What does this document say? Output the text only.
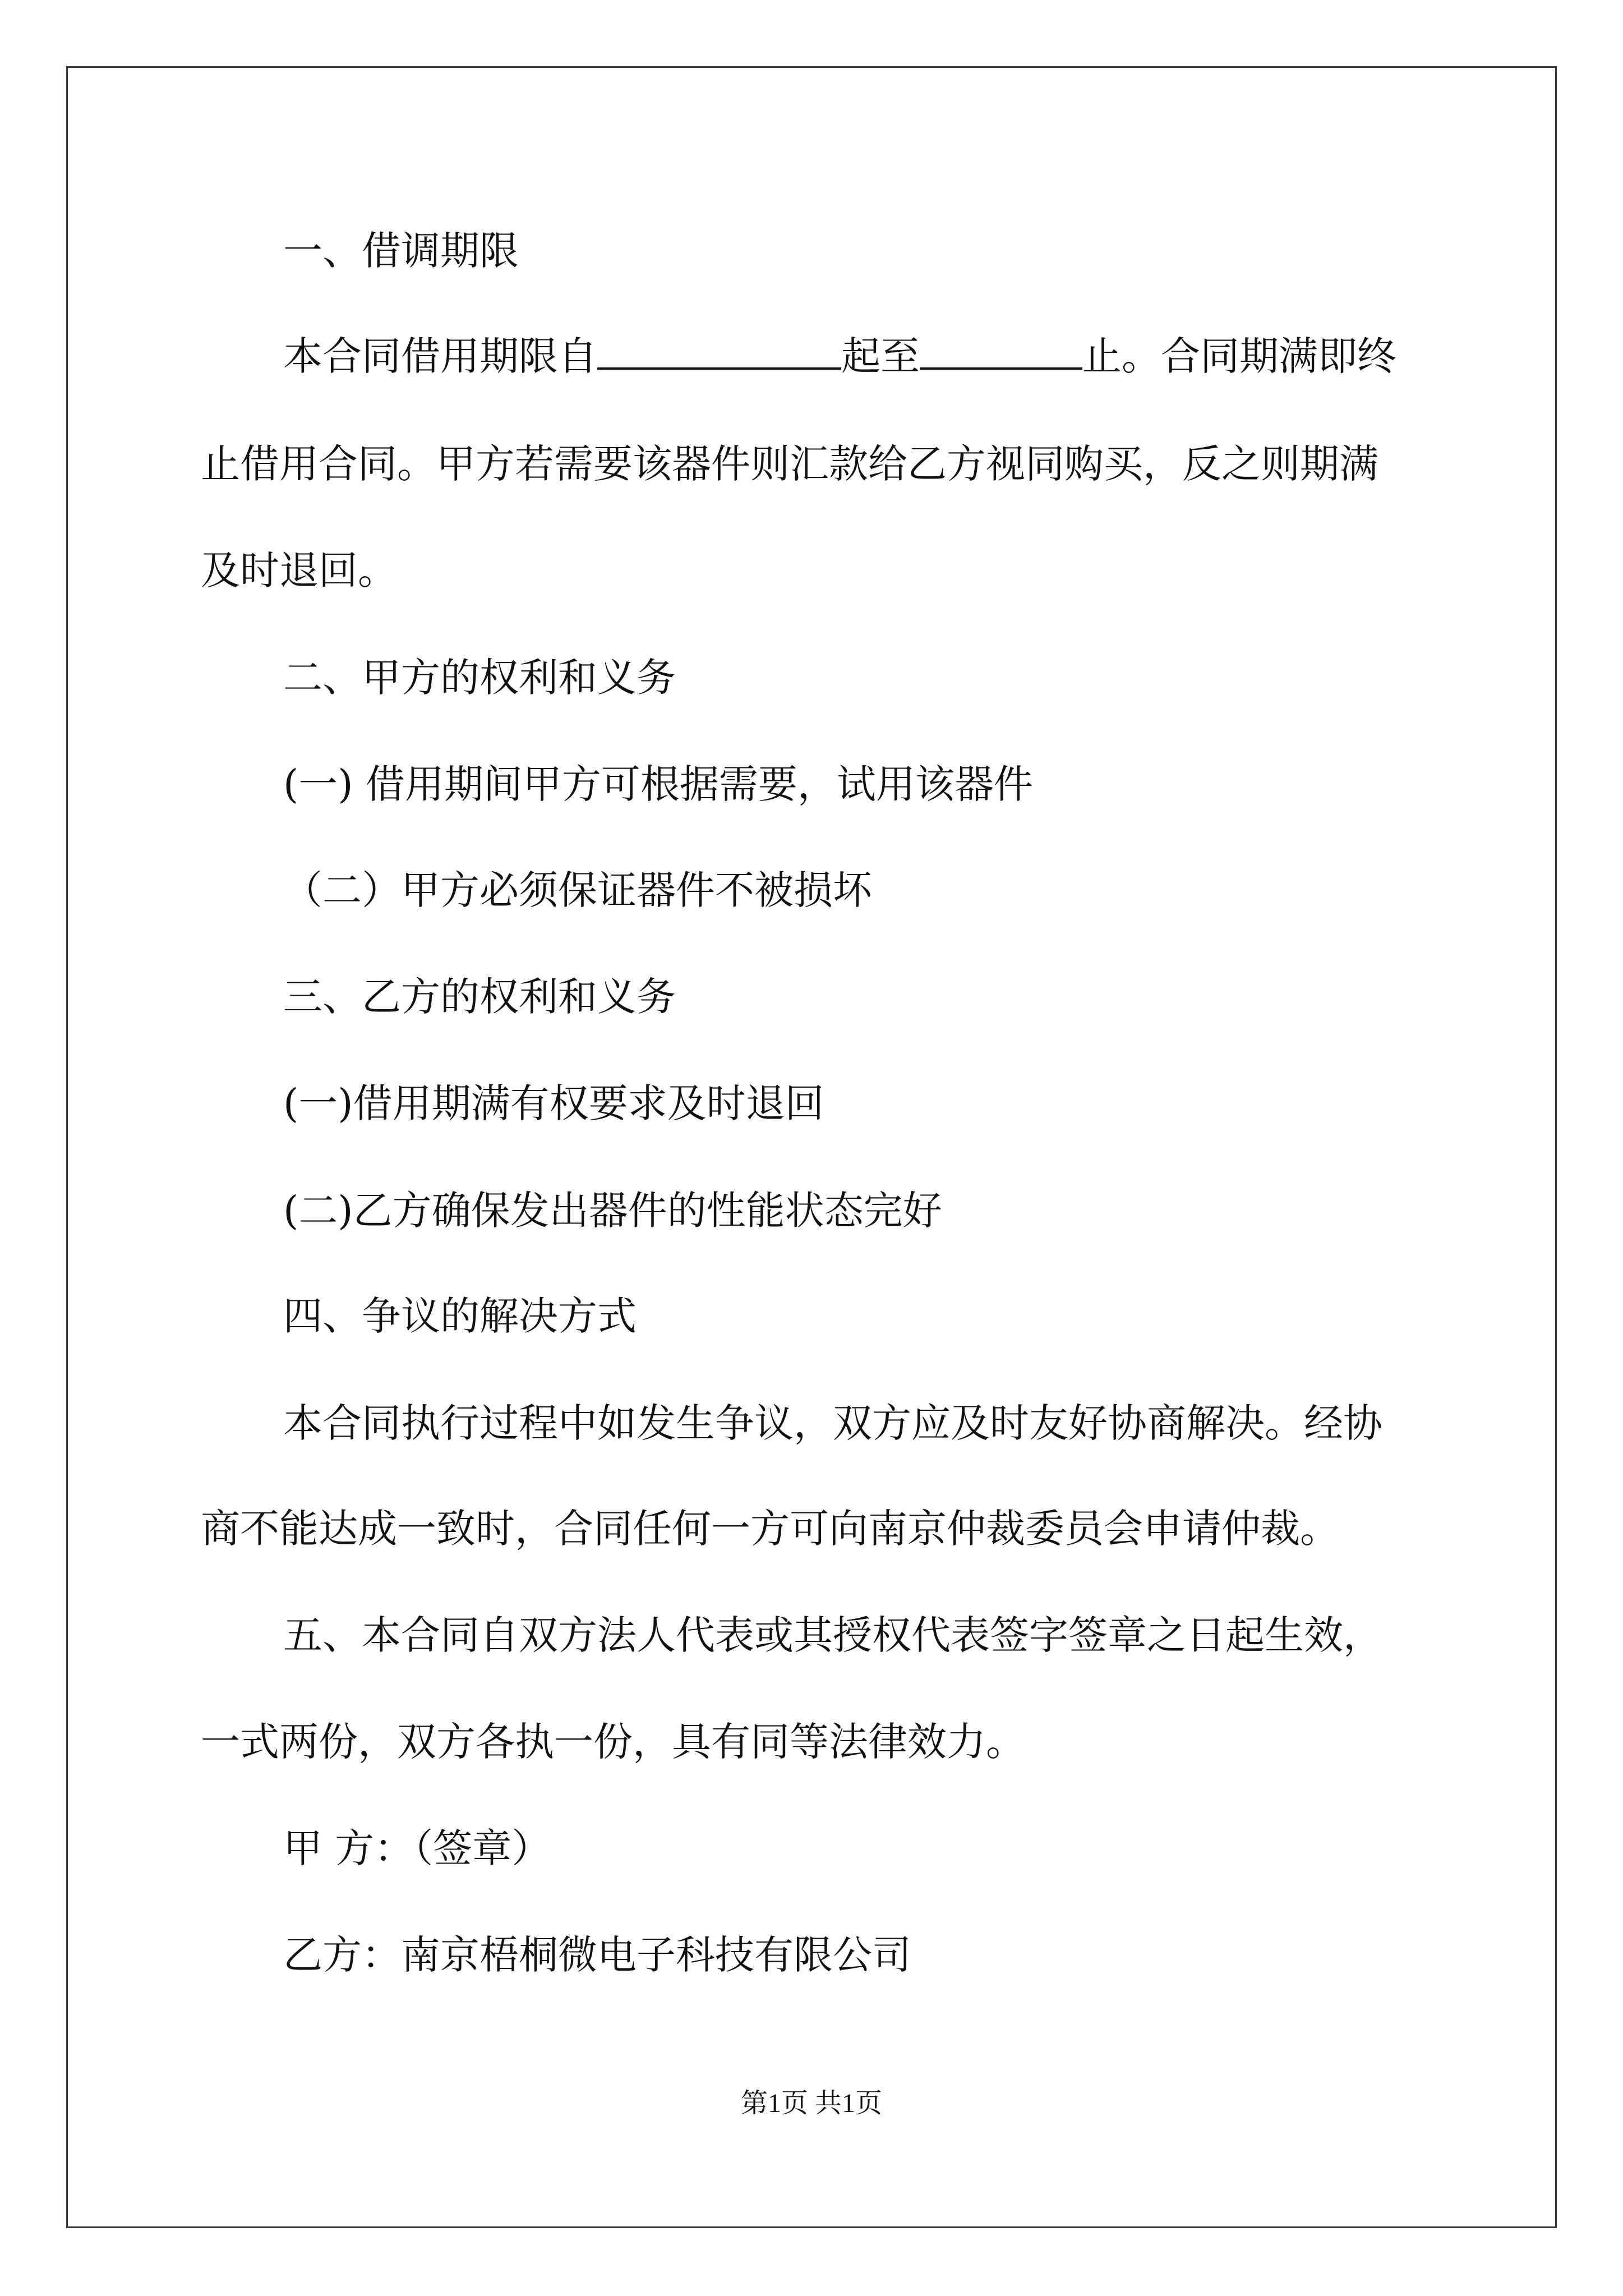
一、借调期限

本合同借用期限自	起至	止。合同期满即终

止借用合同。甲方若需要该器件则汇款给乙方视同购买，反之则期满

及时退回。

二、甲方的权利和义务

(一) 借用期间甲方可根据需要，试用该器件

（二）甲方必须保证器件不被损坏

三、乙方的权利和义务

(一)借用期满有权要求及时退回

(二)乙方确保发出器件的性能状态完好

四、争议的解决方式

本合同执行过程中如发生争议，双方应及时友好协商解决。经协

商不能达成一致时，合同任何一方可向南京仲裁委员会申请仲裁。

五、本合同自双方法人代表或其授权代表签字签章之日起生效，

一式两份，双方各执一份，具有同等法律效力。

甲 方：（签章）

乙方：南京梧桐微电子科技有限公司

第1页 共1页
